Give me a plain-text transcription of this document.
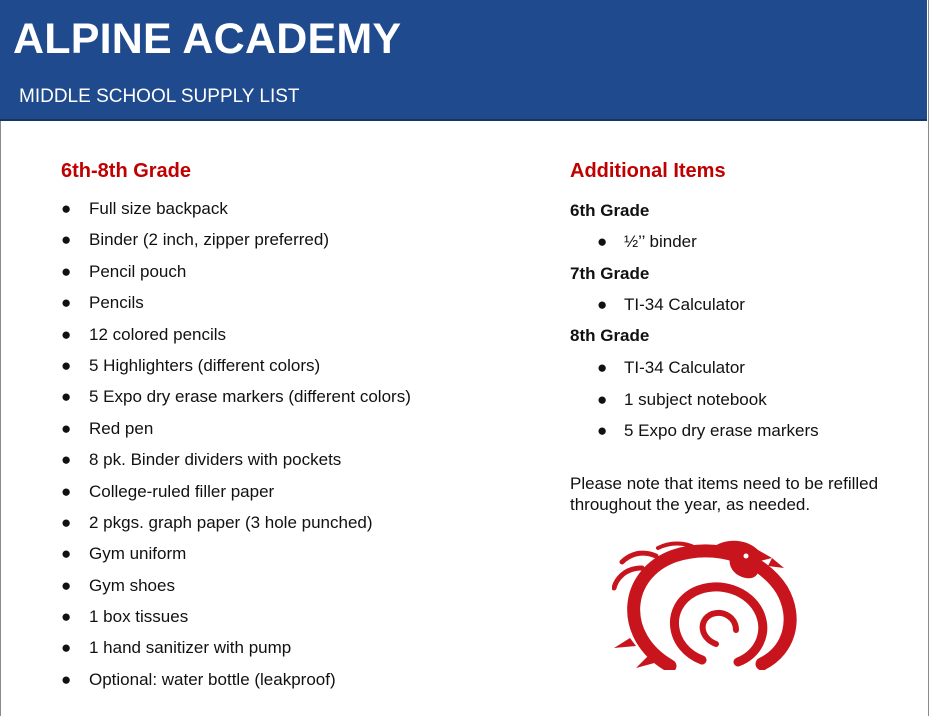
ALPINE ACADEMY
MIDDLE SCHOOL SUPPLY LIST
6th-8th Grade
● Full size backpack
● Binder (2 inch, zipper preferred)
● Pencil pouch
● Pencils
● 12 colored pencils
● 5 Highlighters (different colors)
● 5 Expo dry erase markers (different colors)
● Red pen
● 8 pk. Binder dividers with pockets
● College-ruled filler paper
● 2 pkgs. graph paper (3 hole punched)
● Gym uniform
● Gym shoes
● 1 box tissues
● 1 hand sanitizer with pump
● Optional: water bottle (leakproof)
Additional Items
6th Grade
● ½’’ binder
7th Grade
● TI-34 Calculator
8th Grade
● TI-34 Calculator
● 1 subject notebook
● 5 Expo dry erase markers
Please note that items need to be refilled throughout the year, as needed.
